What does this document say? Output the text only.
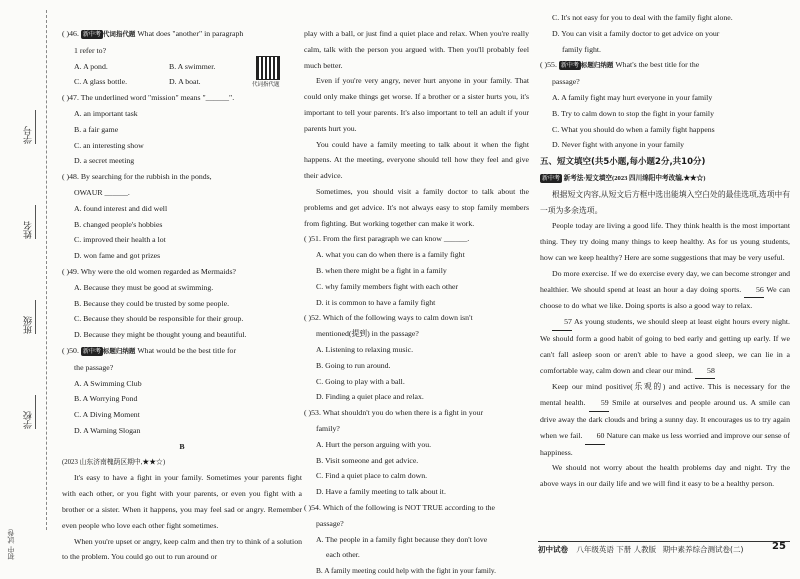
学号
姓名
班级
学校
初中 试卷
( )46. 新中考 代词指代题 What does "another" in paragraph
1 refer to?
A. A pond.	B. A swimmer.
C. A glass bottle.	D. A boat.
( )47. The underlined word "mission" means "______".
A. an important task
B. a fair game
C. an interesting show
D. a secret meeting
( )48. By searching for the rubbish in the ponds,
OWAUR ______.
A. found interest and did well
B. changed people's hobbies
C. improved their health a lot
D. won fame and got prizes
( )49. Why were the old women regarded as Mermaids?
A. Because they must be good at swimming.
B. Because they could be trusted by some people.
C. Because they should be responsible for their group.
D. Because they might be thought young and beautiful.
( )50. 新中考 标题归纳题 What would be the best title for
the passage?
A. A Swimming Club
B. A Worrying Pond
C. A Diving Moment
D. A Warning Slogan
B
(2023 山东济南槐荫区期中,★★☆)
It's easy to have a fight in your family. Sometimes your parents fight with each other, or you fight with your parents, or even you fight with a brother or a sister. When it happens, you may feel sad or angry. Remember even people who love each other fight sometimes.
When you're upset or angry, keep calm and then try to think of a solution to the problem. You could go out to run around or
代词指代题
play with a ball, or just find a quiet place and relax. When you're really calm, talk with the person you argued with. Then you'll probably feel much better.
Even if you're very angry, never hurt anyone in your family. That could only make things get worse. If a brother or a sister hurts you, it's important to tell your parents. It's also important to tell an adult if your parents hurt you.
You could have a family meeting to talk about it when the fight happens. At the meeting, everyone should tell how they feel and give their advice.
Sometimes, you should visit a family doctor to talk about the problems and get advice. It's not always easy to stop family members from fighting. But working together can make it work.
( )51. From the first paragraph we can know ______.
A. what you can do when there is a family fight
B. when there might be a fight in a family
C. why family members fight with each other
D. it is common to have a family fight
( )52. Which of the following ways to calm down isn't
mentioned(提到) in the passage?
A. Listening to relaxing music.
B. Going to run around.
C. Going to play with a ball.
D. Finding a quiet place and relax.
( )53. What shouldn't you do when there is a fight in your
family?
A. Hurt the person arguing with you.
B. Visit someone and get advice.
C. Find a quiet place to calm down.
D. Have a family meeting to talk about it.
( )54. Which of the following is NOT TRUE according to the
passage?
A. The people in a family fight because they don't love
each other.
B. A family meeting could help with the fight in your family.
C. It's not easy for you to deal with the family fight alone.
D. You can visit a family doctor to get advice on your
family fight.
( )55. 新中考 标题归纳题 What's the best title for the
passage?
A. A family fight may hurt everyone in your family
B. Try to calm down to stop the fight in your family
C. What you should do when a family fight happens
D. Never fight with anyone in your family
五、短文填空(共5小题,每小题2分,共10分)
新中考 新考法·短文填空(2023 四川绵阳中考改编,★★☆)
根据短文内容,从短文后方框中选出能填入空白处的最佳选项,选项中有一项为多余选项。
People today are living a good life. They think health is the most important thing. They try doing many things to keep healthy. As for us young students, how can we keep healthy? Here are some suggestions that may be very useful.
Do more exercise. If we do exercise every day, we can become stronger and healthier. We should spend at least an hour a day doing sports. 56 We can choose to do what we like. Doing sports is also a good way to relax.
57 As young students, we should sleep at least eight hours every night. We should form a good habit of going to bed early and getting up early. If we can't fall asleep soon or aren't able to have a good sleep, we can lie in a comfortable way, calm down and clear our mind. 58
Keep our mind positive(乐观的) and active. This is necessary for the mental health. 59 Smile at ourselves and people around us. A smile can drive away the dark clouds and bring a sunny day. It encourages us to try again when we fail. 60 Nature can make us less worried and improve our sense of happiness.
We should not worry about the health problems day and night. Try the above ways in our daily life and we will find it easy to be a healthy person.
初中试卷 八年级英语 下册 人教版 期中素养综合测试卷(二)	25
